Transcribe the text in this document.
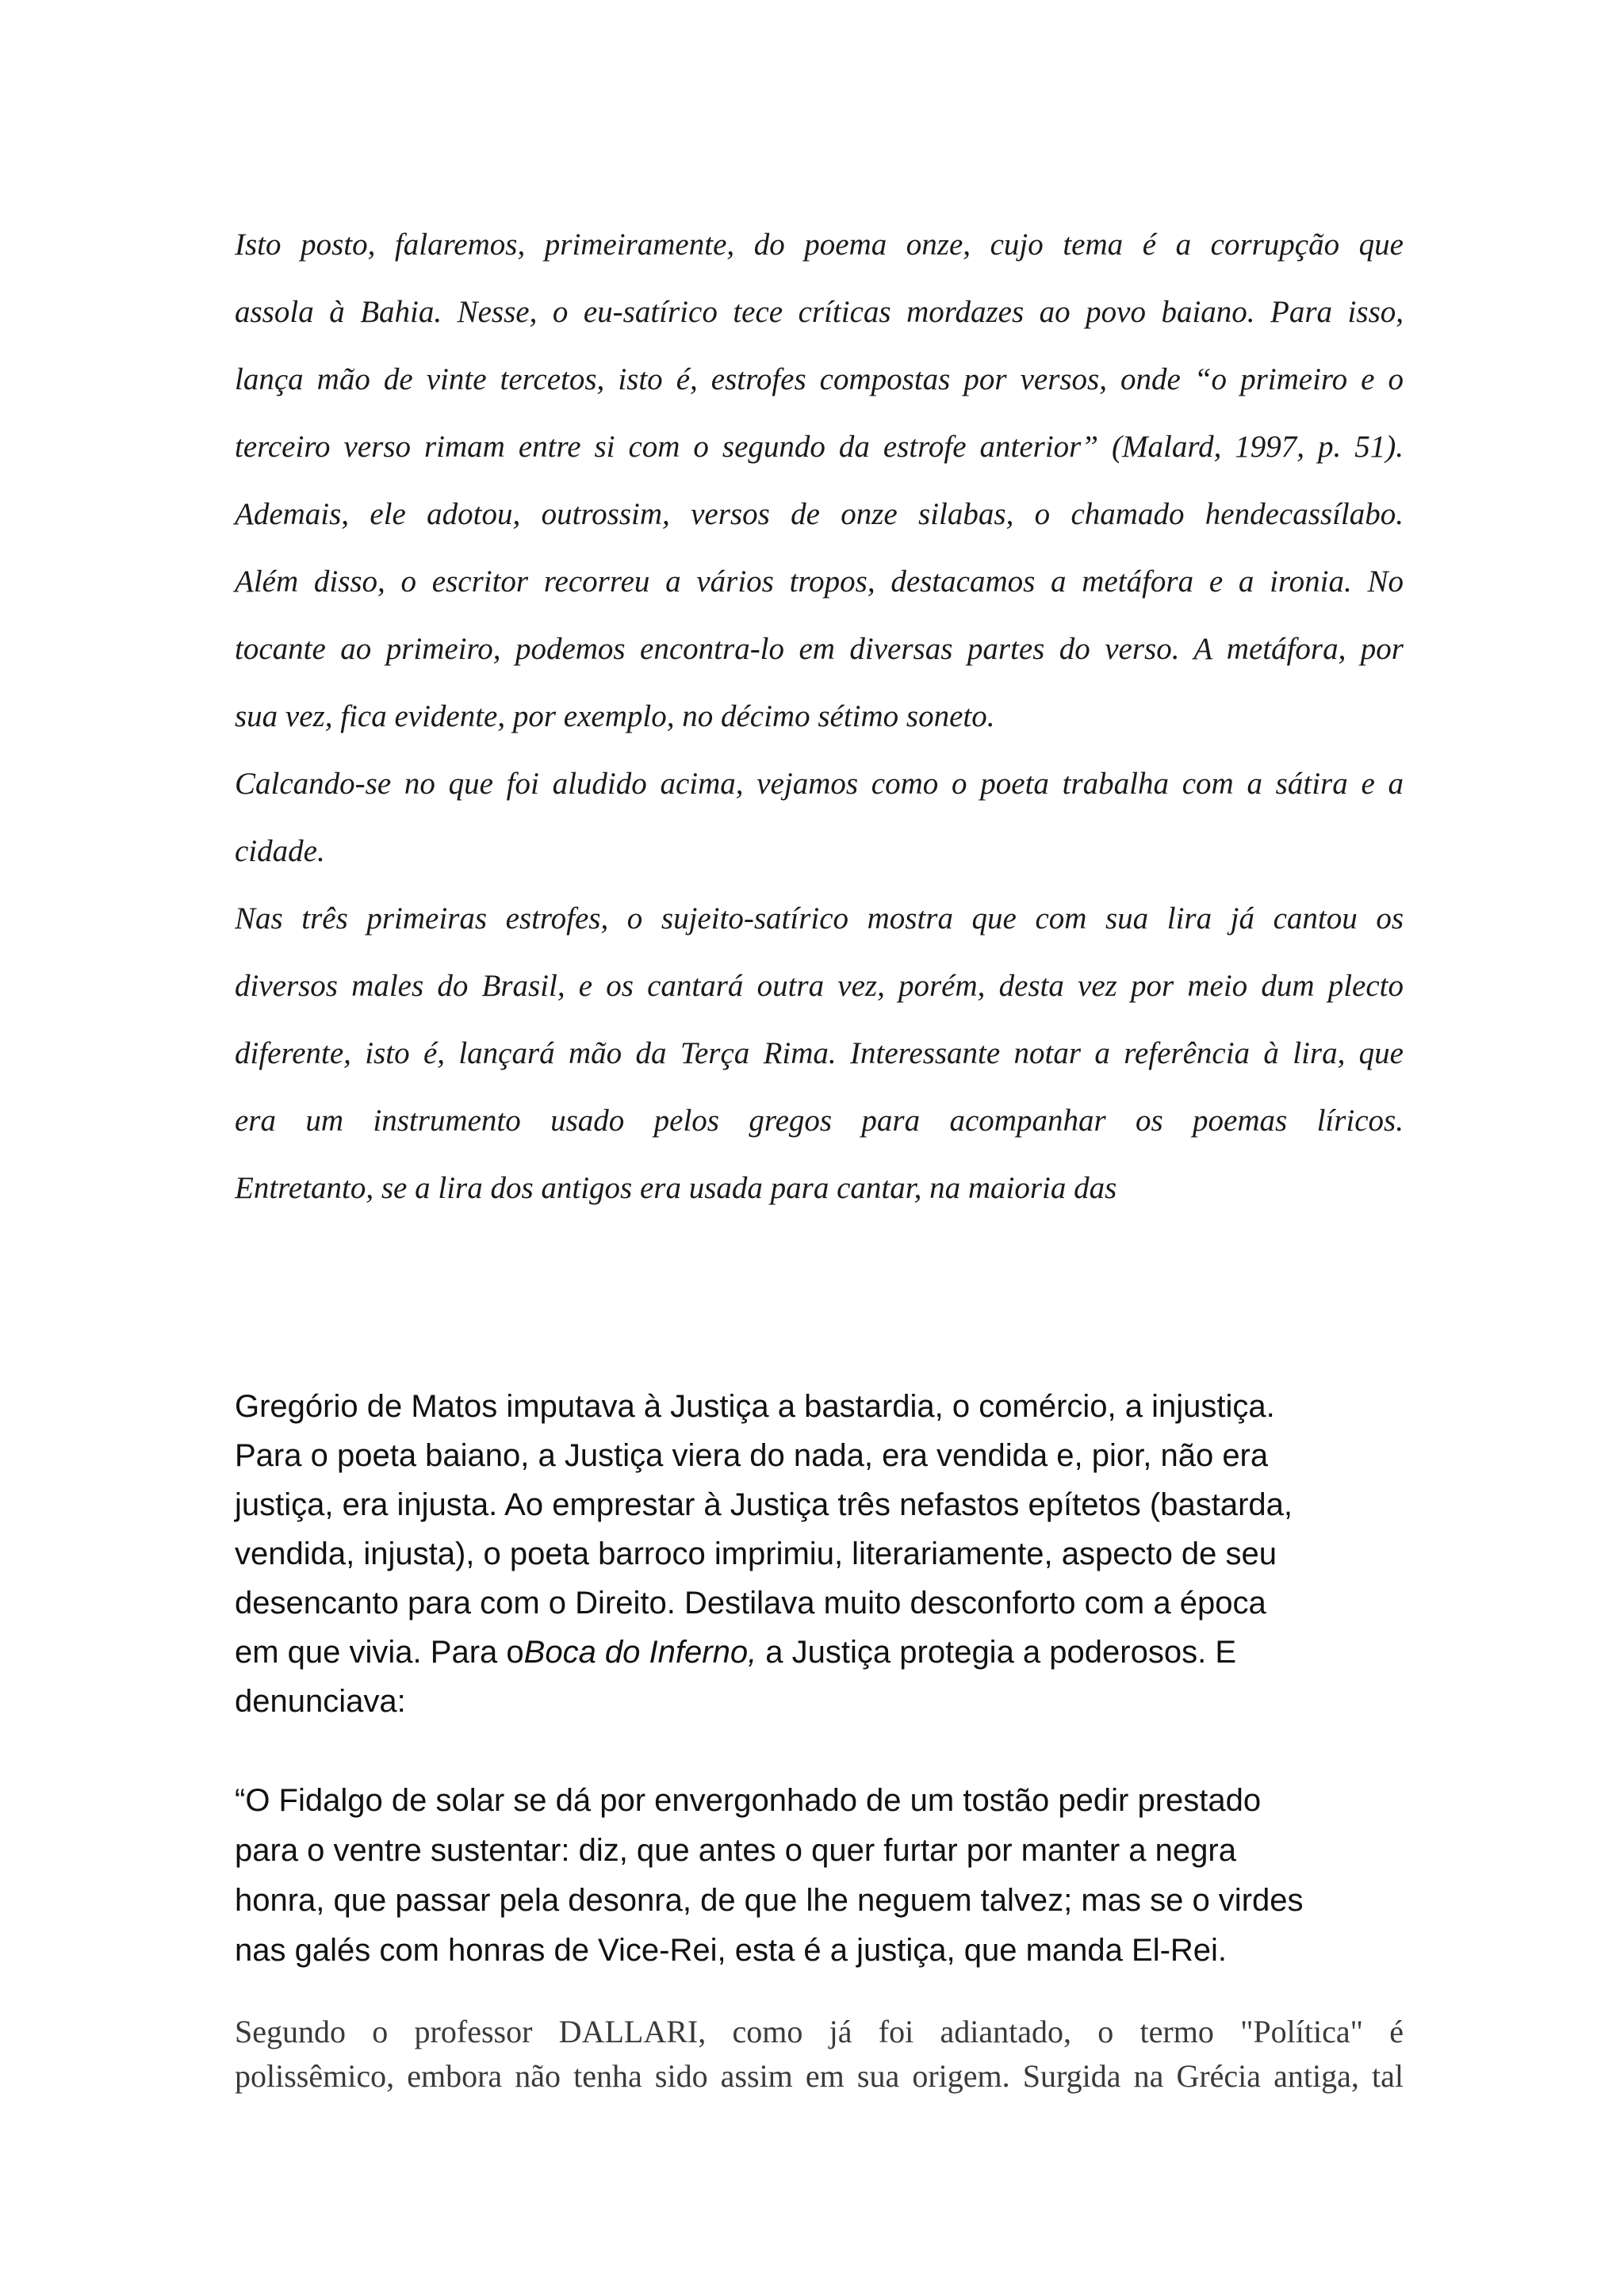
Isto posto, falaremos, primeiramente, do poema onze, cujo tema é a corrupção que
assola à Bahia. Nesse, o eu-satírico tece críticas mordazes ao povo baiano. Para isso,
lança mão de vinte tercetos, isto é, estrofes compostas por versos, onde “o primeiro e o
terceiro verso rimam entre si com o segundo da estrofe anterior” (Malard, 1997, p. 51).
Ademais, ele adotou, outrossim, versos de onze silabas, o chamado hendecassílabo.
Além disso, o escritor recorreu a vários tropos, destacamos a metáfora e a ironia. No
tocante ao primeiro, podemos encontra-lo em diversas partes do verso. A metáfora, por
sua vez, fica evidente, por exemplo, no décimo sétimo soneto.
Calcando-se no que foi aludido acima, vejamos como o poeta trabalha com a sátira e a
cidade.
Nas três primeiras estrofes, o sujeito-satírico mostra que com sua lira já cantou os
diversos males do Brasil, e os cantará outra vez, porém, desta vez por meio dum plecto
diferente, isto é, lançará mão da Terça Rima. Interessante notar a referência à lira, que
era um instrumento usado pelos gregos para acompanhar os poemas líricos.
Entretanto, se a lira dos antigos era usada para cantar, na maioria das
Gregório de Matos imputava à Justiça a bastardia, o comércio, a injustiça.
Para o poeta baiano, a Justiça viera do nada, era vendida e, pior, não era
justiça, era injusta. Ao emprestar à Justiça três nefastos epítetos (bastarda,
vendida, injusta), o poeta barroco imprimiu, literariamente, aspecto de seu
desencanto para com o Direito. Destilava muito desconforto com a época
em que vivia. Para oBoca do Inferno, a Justiça protegia a poderosos. E
denunciava:
“O Fidalgo de solar se dá por envergonhado de um tostão pedir prestado
para o ventre sustentar: diz, que antes o quer furtar por manter a negra
honra, que passar pela desonra, de que lhe neguem talvez; mas se o virdes
nas galés com honras de Vice-Rei, esta é a justiça, que manda El-Rei.
Segundo o professor DALLARI, como já foi adiantado, o termo "Política" é
polissêmico, embora não tenha sido assim em sua origem. Surgida na Grécia antiga, tal
